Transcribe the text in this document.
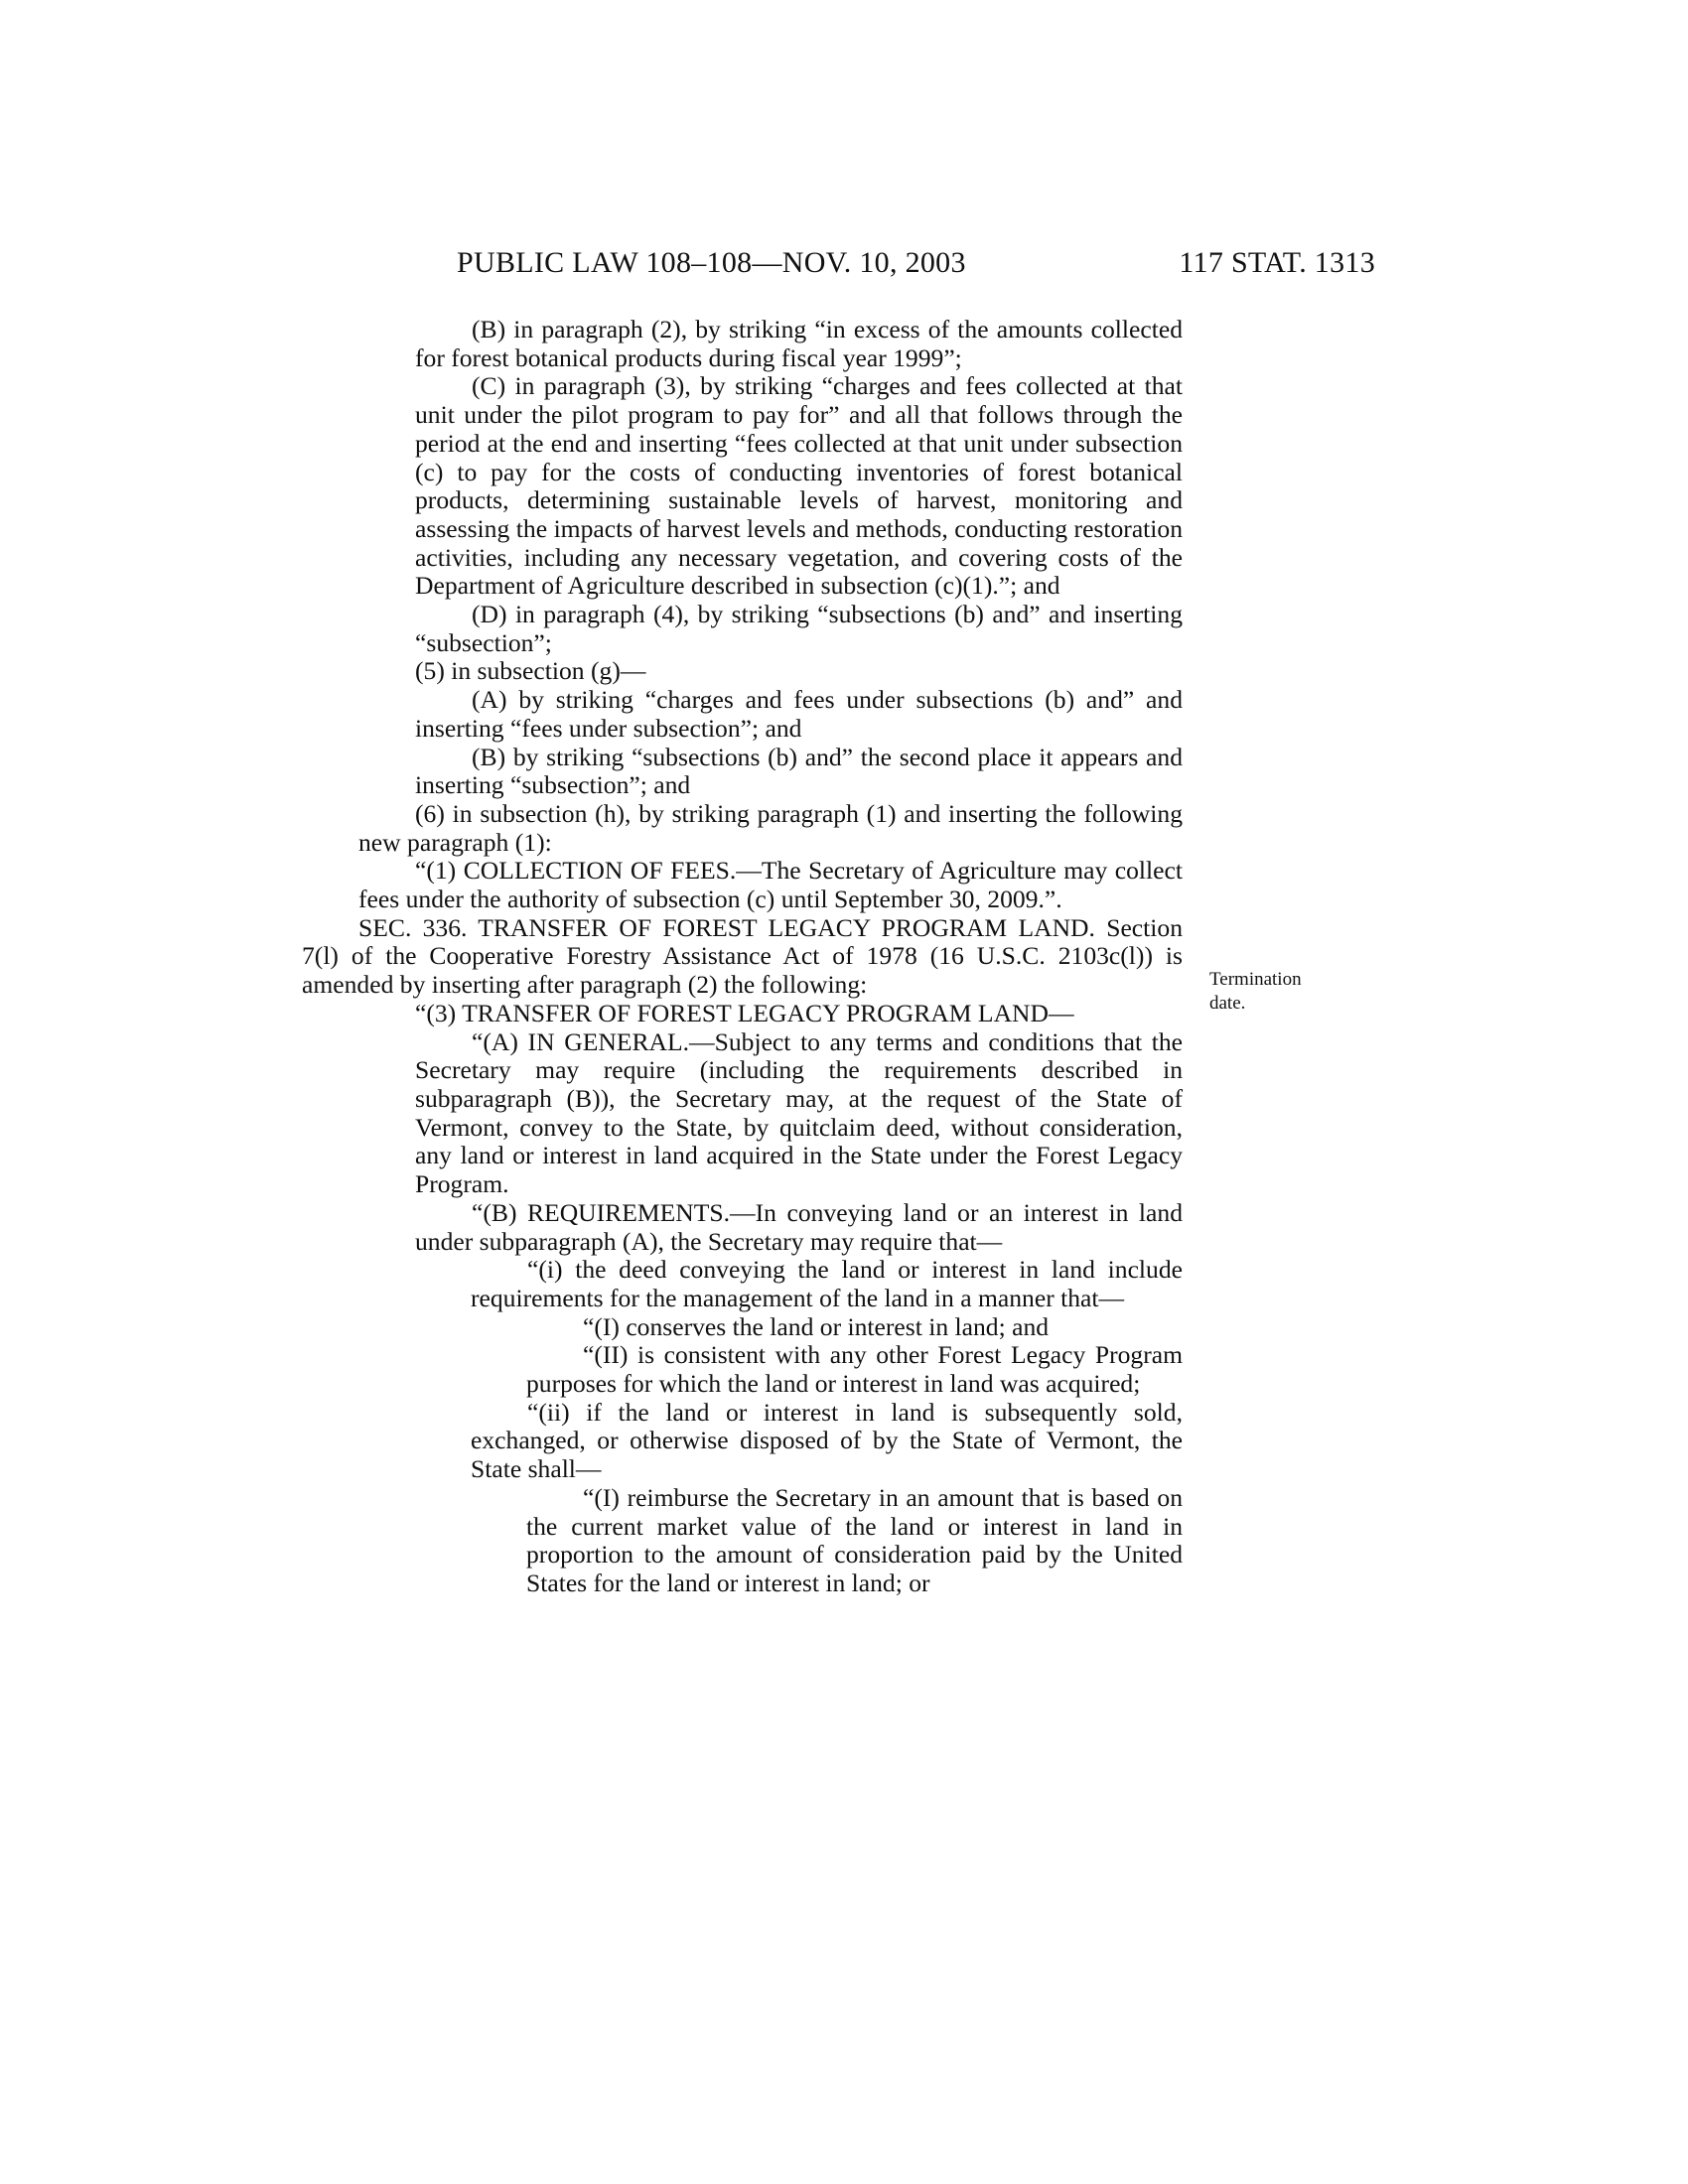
PUBLIC LAW 108–108—NOV. 10, 2003	117 STAT. 1313
Termination
date.

(B) in paragraph (2), by striking “in excess of the amounts collected for forest botanical products during fiscal year 1999”;

(C) in paragraph (3), by striking “charges and fees collected at that unit under the pilot program to pay for” and all that follows through the period at the end and inserting “fees collected at that unit under subsection (c) to pay for the costs of conducting inventories of forest botanical products, determining sustainable levels of harvest, monitoring and assessing the impacts of harvest levels and methods, conducting restoration activities, including any necessary vegetation, and covering costs of the Department of Agriculture described in subsection (c)(1).”; and

(D) in paragraph (4), by striking “subsections (b) and” and inserting “subsection”;

(5) in subsection (g)—

(A) by striking “charges and fees under subsections (b) and” and inserting “fees under subsection”; and

(B) by striking “subsections (b) and” the second place it appears and inserting “subsection”; and

(6) in subsection (h), by striking paragraph (1) and inserting the following new paragraph (1):

“(1) COLLECTION OF FEES.—The Secretary of Agriculture may collect fees under the authority of subsection (c) until September 30, 2009.”.

SEC. 336. TRANSFER OF FOREST LEGACY PROGRAM LAND. Section 7(l) of the Cooperative Forestry Assistance Act of 1978 (16 U.S.C. 2103c(l)) is amended by inserting after paragraph (2) the following:

“(3) TRANSFER OF FOREST LEGACY PROGRAM LAND—

“(A) IN GENERAL.—Subject to any terms and conditions that the Secretary may require (including the requirements described in subparagraph (B)), the Secretary may, at the request of the State of Vermont, convey to the State, by quitclaim deed, without consideration, any land or interest in land acquired in the State under the Forest Legacy Program.

“(B) REQUIREMENTS.—In conveying land or an interest in land under subparagraph (A), the Secretary may require that—

“(i) the deed conveying the land or interest in land include requirements for the management of the land in a manner that—

“(I) conserves the land or interest in land; and

“(II) is consistent with any other Forest Legacy Program purposes for which the land or interest in land was acquired;

“(ii) if the land or interest in land is subsequently sold, exchanged, or otherwise disposed of by the State of Vermont, the State shall—

“(I) reimburse the Secretary in an amount that is based on the current market value of the land or interest in land in proportion to the amount of consideration paid by the United States for the land or interest in land; or
